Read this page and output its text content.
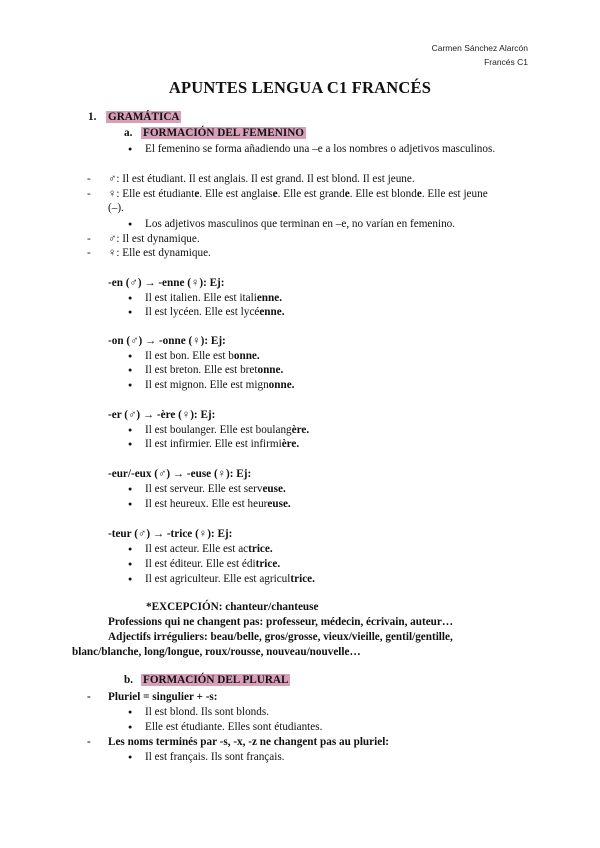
Carmen Sánchez Alarcón
Francés C1
APUNTES LENGUA C1 FRANCÉS
1. GRAMÁTICA
a. FORMACIÓN DEL FEMENINO
● El femenino se forma añadiendo una –e a los nombres o adjetivos masculinos.
- ♂: Il est étudiant. Il est anglais. Il est grand. Il est blond. Il est jeune.
- ♀: Elle est étudiante. Elle est anglaise. Elle est grande. Elle est blonde. Elle est jeune
(–).
● Los adjetivos masculinos que terminan en –e, no varían en femenino.
- ♂: Il est dynamique.
- ♀: Elle est dynamique.
-en (♂) → -enne (♀): Ej:
● Il est italien. Elle est italienne.
● Il est lycéen. Elle est lycéenne.
-on (♂) → -onne (♀): Ej:
● Il est bon. Elle est bonne.
● Il est breton. Elle est bretonne.
● Il est mignon. Elle est mignonne.
-er (♂) → -ère (♀): Ej:
● Il est boulanger. Elle est boulangère.
● Il est infirmier. Elle est infirmière.
-eur/-eux (♂) → -euse (♀): Ej:
● Il est serveur. Elle est serveuse.
● Il est heureux. Elle est heureuse.
-teur (♂) → -trice (♀): Ej:
● Il est acteur. Elle est actrice.
● Il est éditeur. Elle est éditrice.
● Il est agriculteur. Elle est agricultrice.
*EXCEPCIÓN: chanteur/chanteuse
Professions qui ne changent pas: professeur, médecin, écrivain, auteur…
Adjectifs irréguliers: beau/belle, gros/grosse, vieux/vieille, gentil/gentille,
blanc/blanche, long/longue, roux/rousse, nouveau/nouvelle…
b. FORMACIÓN DEL PLURAL
- Pluriel = singulier + -s:
● Il est blond. Ils sont blonds.
● Elle est étudiante. Elles sont étudiantes.
- Les noms terminés par -s, -x, -z ne changent pas au pluriel:
● Il est français. Ils sont français.
